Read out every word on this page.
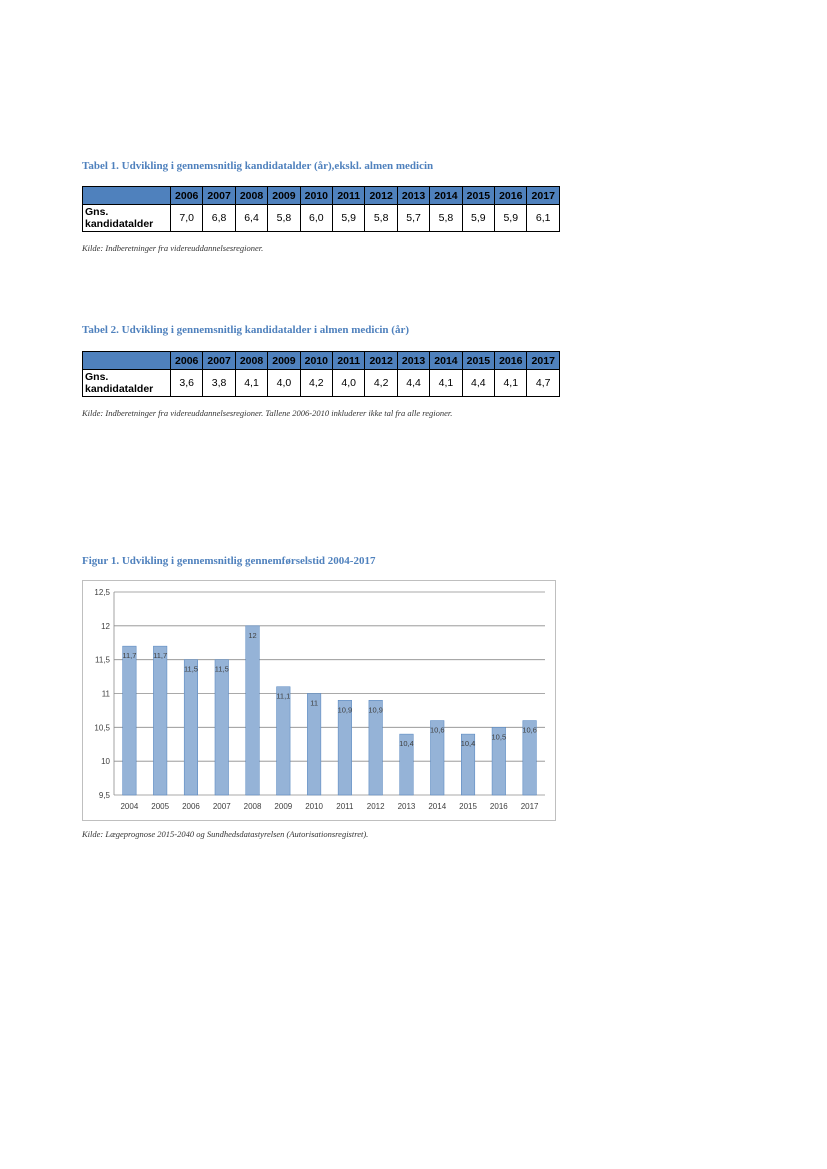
Tabel 1. Udvikling i gennemsnitlig kandidatalder (år),ekskl. almen medicin

	2006	2007	2008	2009	2010	2011	2012	2013	2014	2015	2016	2017
Gns. kandidatalder	7,0	6,8	6,4	5,8	6,0	5,9	5,8	5,7	5,8	5,9	5,9	6,1

Kilde: Indberetninger fra videreuddannelsesregioner.

Tabel 2. Udvikling i gennemsnitlig kandidatalder i almen medicin (år)

	2006	2007	2008	2009	2010	2011	2012	2013	2014	2015	2016	2017
Gns. kandidatalder	3,6	3,8	4,1	4,0	4,2	4,0	4,2	4,4	4,1	4,4	4,1	4,7

Kilde: Indberetninger fra videreuddannelsesregioner. Tallene 2006-2010 inkluderer ikke tal fra alle regioner.

Figur 1. Udvikling i gennemsnitlig gennemførselstid 2004-2017

9,5
10
10,5
11
11,5
12
12,5
11,7
2004
11,7
2005
11,5
2006
11,5
2007
12
2008
11,1
2009
11
2010
10,9
2011
10,9
2012
10,4
2013
10,6
2014
10,4
2015
10,5
2016
10,6
2017

Kilde: Lægeprognose 2015-2040 og Sundhedsdatastyrelsen (Autorisationsregistret).
